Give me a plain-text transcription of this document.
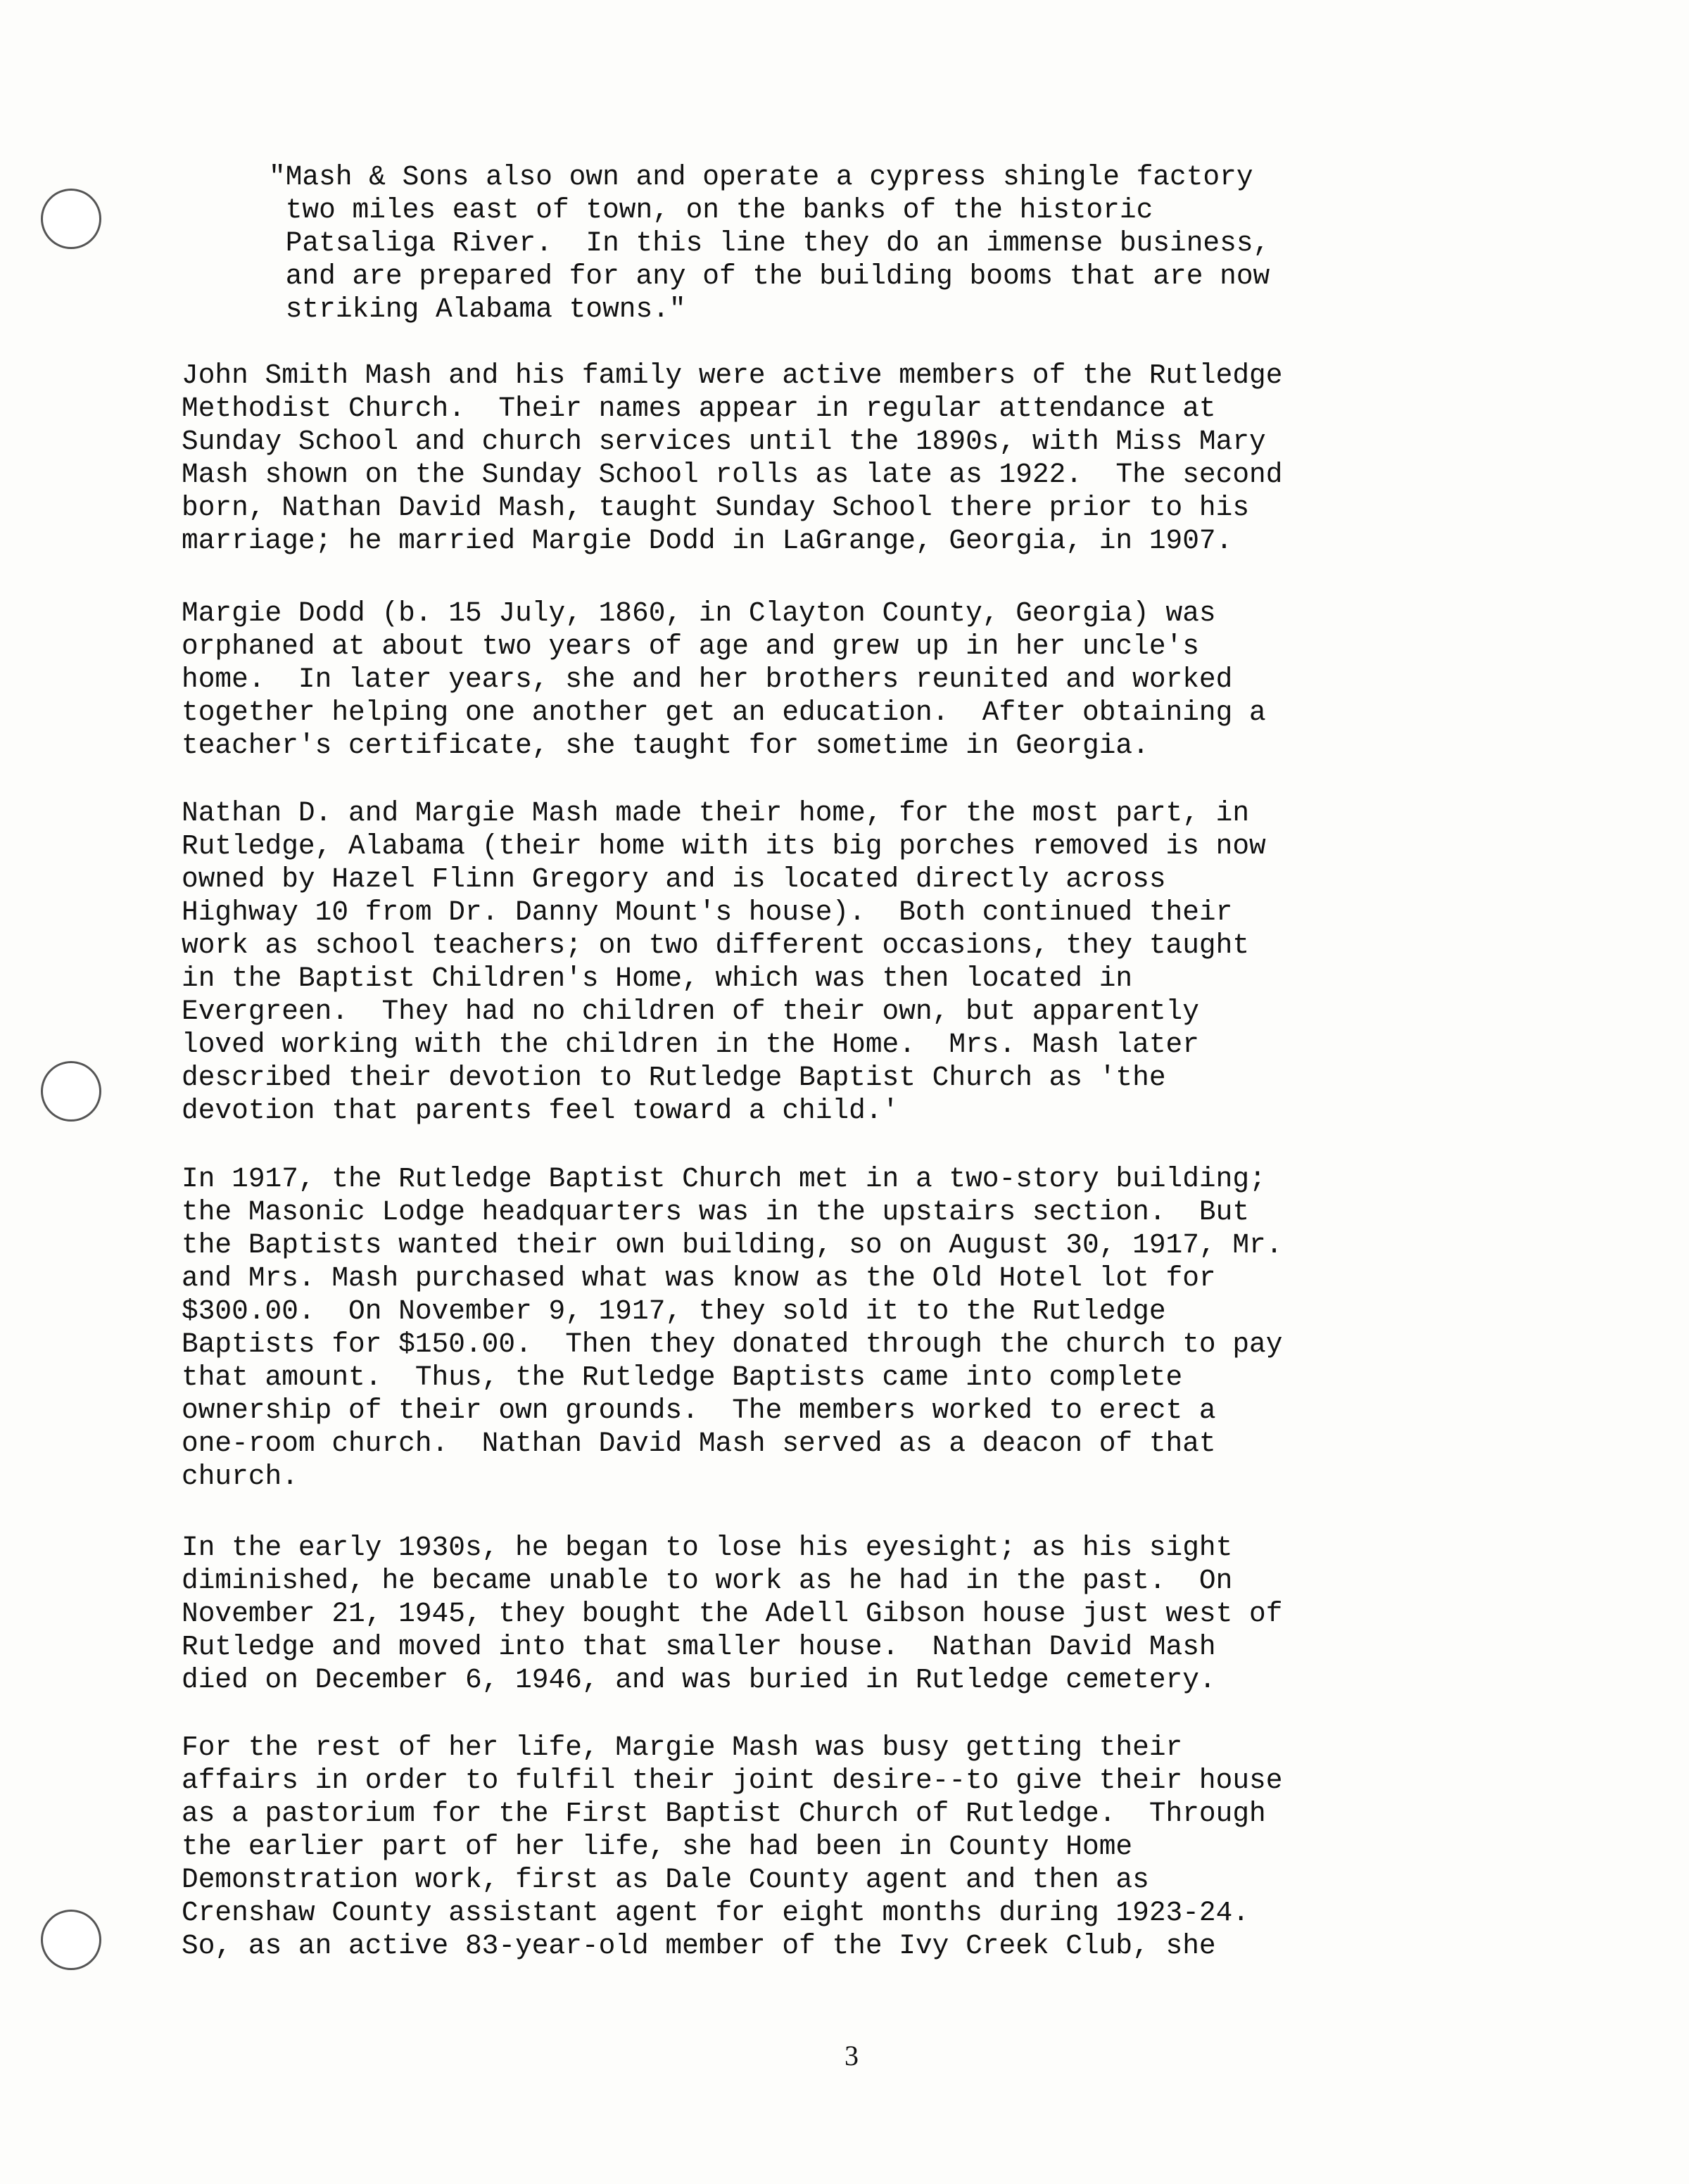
"Mash & Sons also own and operate a cypress shingle factory
two miles east of town, on the banks of the historic
Patsaliga River.  In this line they do an immense business,
and are prepared for any of the building booms that are now
striking Alabama towns."
John Smith Mash and his family were active members of the Rutledge
Methodist Church.  Their names appear in regular attendance at
Sunday School and church services until the 1890s, with Miss Mary
Mash shown on the Sunday School rolls as late as 1922.  The second
born, Nathan David Mash, taught Sunday School there prior to his
marriage; he married Margie Dodd in LaGrange, Georgia, in 1907.
Margie Dodd (b. 15 July, 1860, in Clayton County, Georgia) was
orphaned at about two years of age and grew up in her uncle's
home.  In later years, she and her brothers reunited and worked
together helping one another get an education.  After obtaining a
teacher's certificate, she taught for sometime in Georgia.
Nathan D. and Margie Mash made their home, for the most part, in
Rutledge, Alabama (their home with its big porches removed is now
owned by Hazel Flinn Gregory and is located directly across
Highway 10 from Dr. Danny Mount's house).  Both continued their
work as school teachers; on two different occasions, they taught
in the Baptist Children's Home, which was then located in
Evergreen.  They had no children of their own, but apparently
loved working with the children in the Home.  Mrs. Mash later
described their devotion to Rutledge Baptist Church as 'the
devotion that parents feel toward a child.'
In 1917, the Rutledge Baptist Church met in a two-story building;
the Masonic Lodge headquarters was in the upstairs section.  But
the Baptists wanted their own building, so on August 30, 1917, Mr.
and Mrs. Mash purchased what was know as the Old Hotel lot for
$300.00.  On November 9, 1917, they sold it to the Rutledge
Baptists for $150.00.  Then they donated through the church to pay
that amount.  Thus, the Rutledge Baptists came into complete
ownership of their own grounds.  The members worked to erect a
one-room church.  Nathan David Mash served as a deacon of that
church.
In the early 1930s, he began to lose his eyesight; as his sight
diminished, he became unable to work as he had in the past.  On
November 21, 1945, they bought the Adell Gibson house just west of
Rutledge and moved into that smaller house.  Nathan David Mash
died on December 6, 1946, and was buried in Rutledge cemetery.
For the rest of her life, Margie Mash was busy getting their
affairs in order to fulfil their joint desire--to give their house
as a pastorium for the First Baptist Church of Rutledge.  Through
the earlier part of her life, she had been in County Home
Demonstration work, first as Dale County agent and then as
Crenshaw County assistant agent for eight months during 1923-24.
So, as an active 83-year-old member of the Ivy Creek Club, she
3
